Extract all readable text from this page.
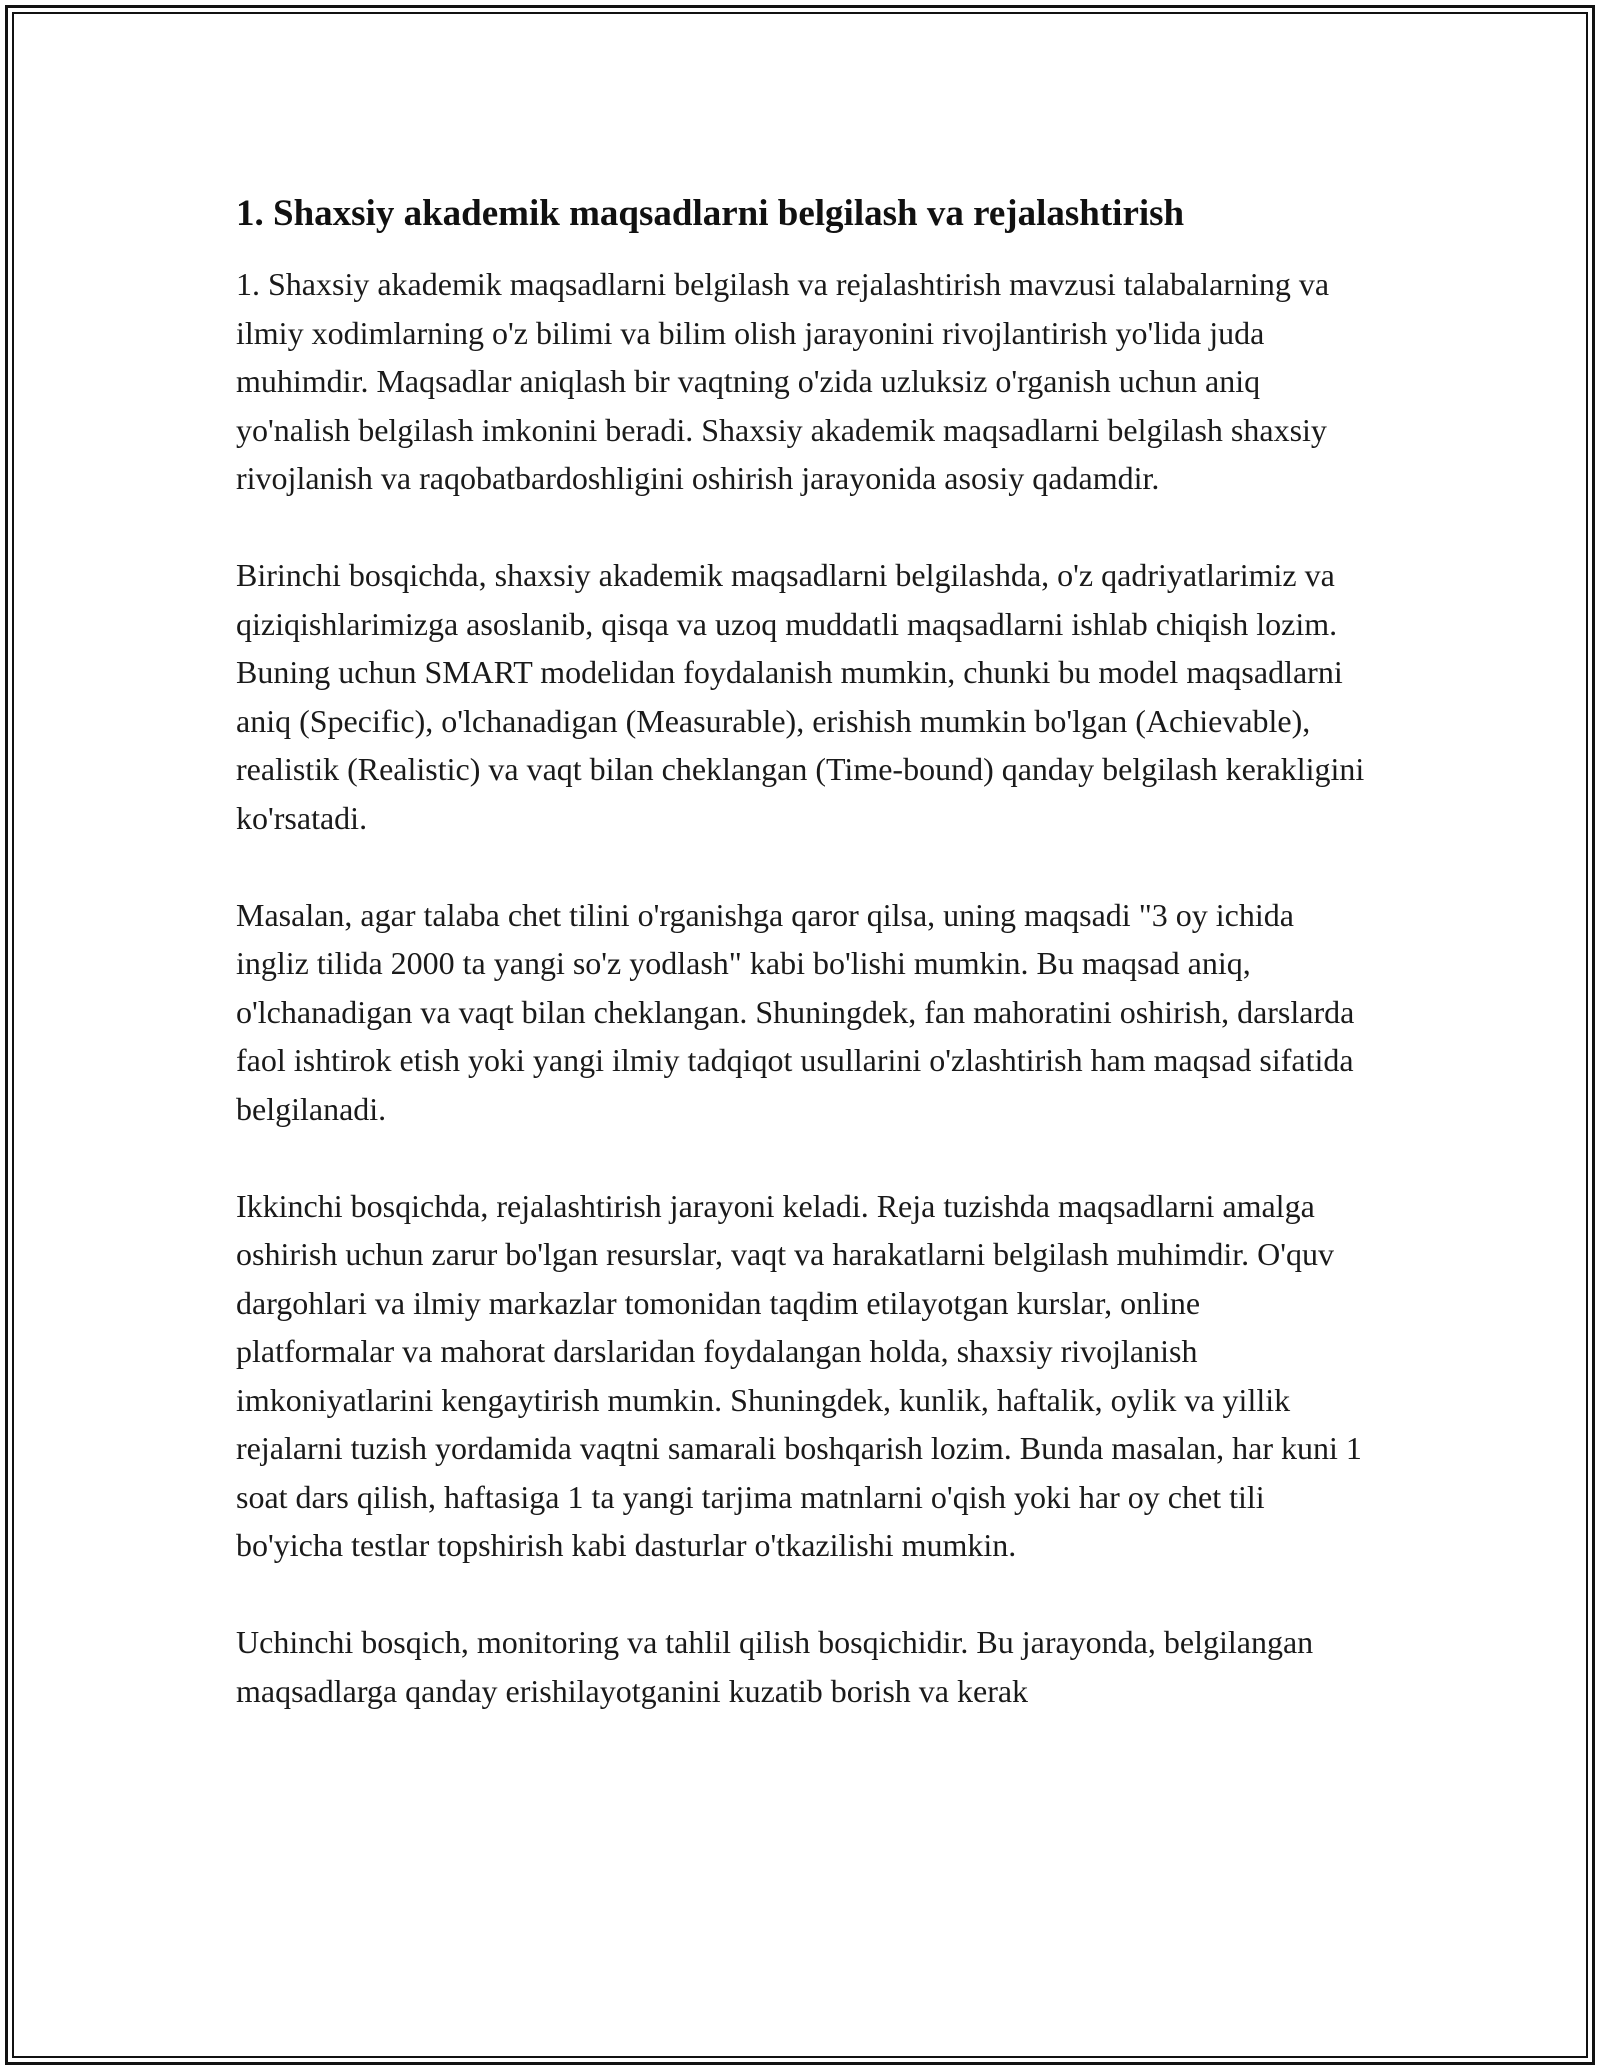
1. Shaxsiy akademik maqsadlarni belgilash va rejalashtirish

1. Shaxsiy akademik maqsadlarni belgilash va rejalashtirish mavzusi talabalarning va ilmiy xodimlarning o'z bilimi va bilim olish jarayonini rivojlantirish yo'lida juda muhimdir. Maqsadlar aniqlash bir vaqtning o'zida uzluksiz o'rganish uchun aniq yo'nalish belgilash imkonini beradi. Shaxsiy akademik maqsadlarni belgilash shaxsiy rivojlanish va raqobatbardoshligini oshirish jarayonida asosiy qadamdir.

Birinchi bosqichda, shaxsiy akademik maqsadlarni belgilashda, o'z qadriyatlarimiz va qiziqishlarimizga asoslanib, qisqa va uzoq muddatli maqsadlarni ishlab chiqish lozim. Buning uchun SMART modelidan foydalanish mumkin, chunki bu model maqsadlarni aniq (Specific), o'lchanadigan (Measurable), erishish mumkin bo'lgan (Achievable), realistik (Realistic) va vaqt bilan cheklangan (Time-bound) qanday belgilash kerakligini ko'rsatadi.

Masalan, agar talaba chet tilini o'rganishga qaror qilsa, uning maqsadi "3 oy ichida ingliz tilida 2000 ta yangi so'z yodlash" kabi bo'lishi mumkin. Bu maqsad aniq, o'lchanadigan va vaqt bilan cheklangan. Shuningdek, fan mahoratini oshirish, darslarda faol ishtirok etish yoki yangi ilmiy tadqiqot usullarini o'zlashtirish ham maqsad sifatida belgilanadi.

Ikkinchi bosqichda, rejalashtirish jarayoni keladi. Reja tuzishda maqsadlarni amalga oshirish uchun zarur bo'lgan resurslar, vaqt va harakatlarni belgilash muhimdir. O'quv dargohlari va ilmiy markazlar tomonidan taqdim etilayotgan kurslar, online platformalar va mahorat darslaridan foydalangan holda, shaxsiy rivojlanish imkoniyatlarini kengaytirish mumkin. Shuningdek, kunlik, haftalik, oylik va yillik rejalarni tuzish yordamida vaqtni samarali boshqarish lozim. Bunda masalan, har kuni 1 soat dars qilish, haftasiga 1 ta yangi tarjima matnlarni o'qish yoki har oy chet tili bo'yicha testlar topshirish kabi dasturlar o'tkazilishi mumkin.

Uchinchi bosqich, monitoring va tahlil qilish bosqichidir. Bu jarayonda, belgilangan maqsadlarga qanday erishilayotganini kuzatib borish va kerak
